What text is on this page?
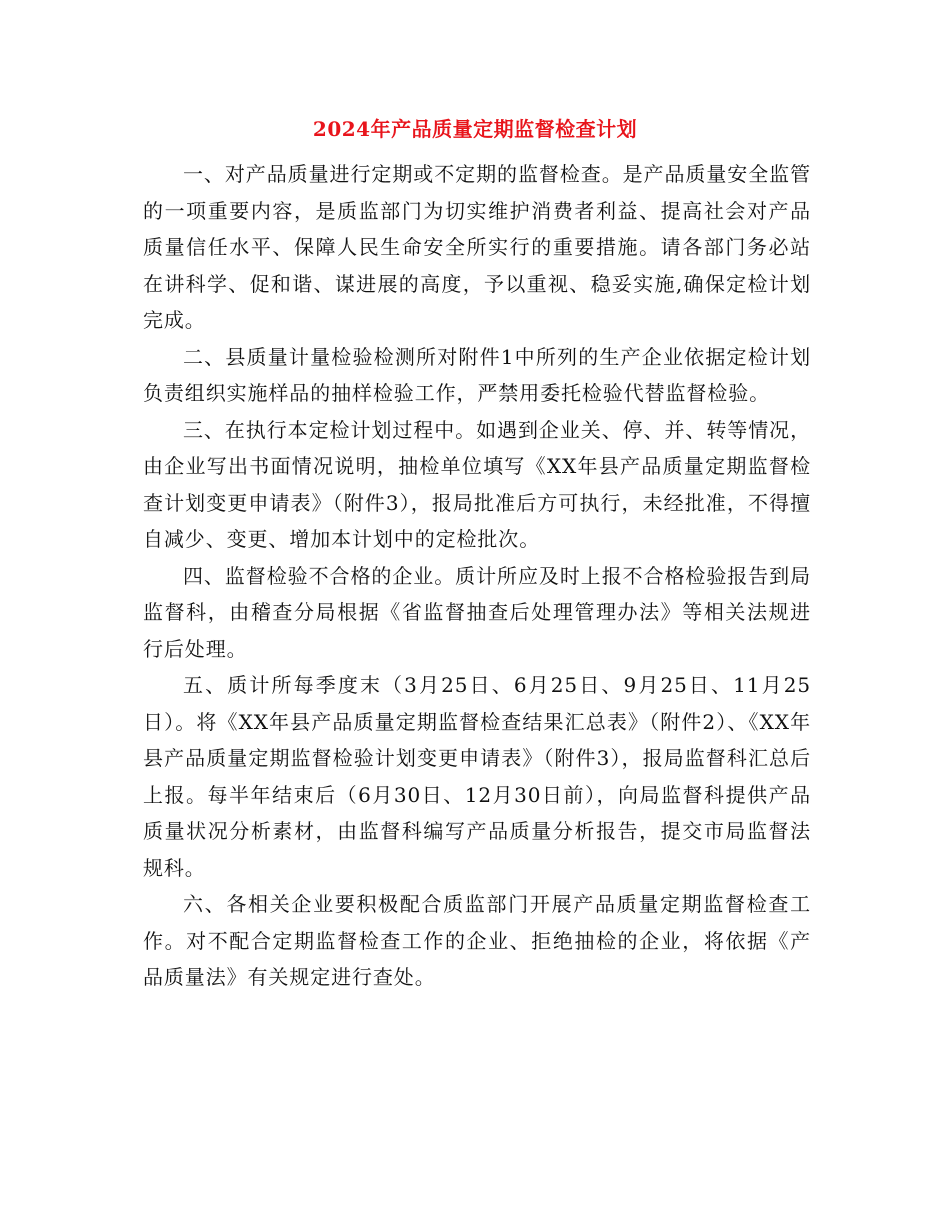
2024年产品质量定期监督检查计划

一、对产品质量进行定期或不定期的监督检查。是产品质量安全监管的一项重要内容，是质监部门为切实维护消费者利益、提高社会对产品质量信任水平、保障人民生命安全所实行的重要措施。请各部门务必站在讲科学、促和谐、谋进展的高度，予以重视、稳妥实施,确保定检计划完成。

二、县质量计量检验检测所对附件1中所列的生产企业依据定检计划负责组织实施样品的抽样检验工作，严禁用委托检验代替监督检验。

三、在执行本定检计划过程中。如遇到企业关、停、并、转等情况，由企业写出书面情况说明，抽检单位填写《XX年县产品质量定期监督检查计划变更申请表》（附件3），报局批准后方可执行，未经批准，不得擅自减少、变更、增加本计划中的定检批次。

四、监督检验不合格的企业。质计所应及时上报不合格检验报告到局监督科，由稽查分局根据《省监督抽查后处理管理办法》等相关法规进行后处理。

五、质计所每季度末（3月25日、6月25日、9月25日、11月25日）。将《XX年县产品质量定期监督检查结果汇总表》（附件2）、《XX年县产品质量定期监督检验计划变更申请表》（附件3），报局监督科汇总后上报。每半年结束后（6月30日、12月30日前），向局监督科提供产品质量状况分析素材，由监督科编写产品质量分析报告，提交市局监督法规科。

六、各相关企业要积极配合质监部门开展产品质量定期监督检查工作。对不配合定期监督检查工作的企业、拒绝抽检的企业，将依据《产品质量法》有关规定进行查处。
